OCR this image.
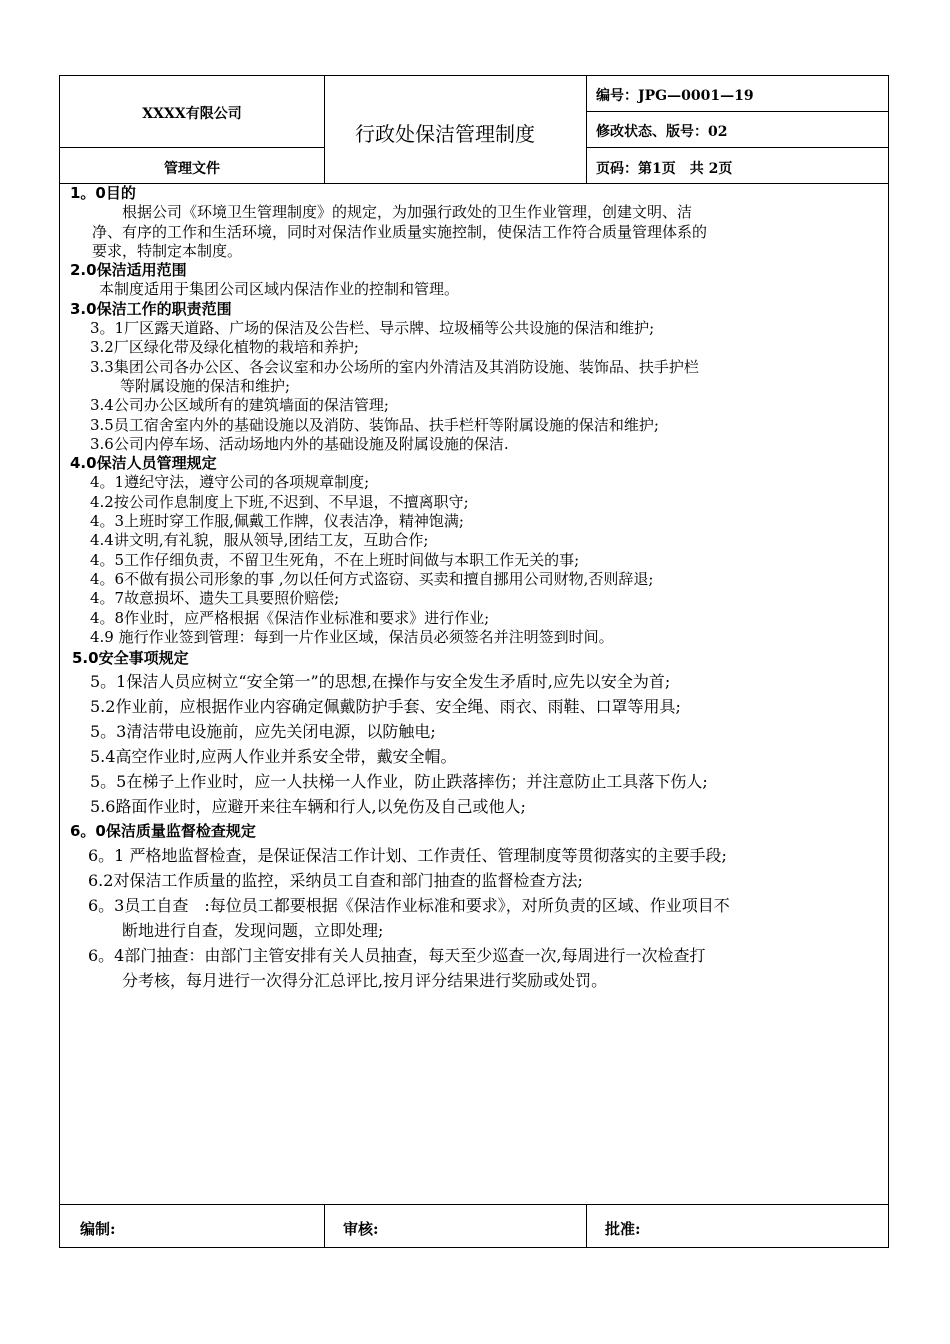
XXXX有限公司
管理文件
行政处保洁管理制度
编号：JPG—0001—19
修改状态、版号：02
页码：第1页　共 2页
1。0目的
　　根据公司《环境卫生管理制度》的规定，为加强行政处的卫生作业管理，创建文明、洁
净、有序的工作和生活环境，同时对保洁作业质量实施控制，使保洁工作符合质量管理体系的
要求，特制定本制度。
2.0保洁适用范围
　本制度适用于集团公司区域内保洁作业的控制和管理。
3.0保洁工作的职责范围
3。1厂区露天道路、广场的保洁及公告栏、导示牌、垃圾桶等公共设施的保洁和维护;
3.2厂区绿化带及绿化植物的栽培和养护;
3.3集团公司各办公区、各会议室和办公场所的室内外清洁及其消防设施、装饰品、扶手护栏
　　等附属设施的保洁和维护;
3.4公司办公区域所有的建筑墙面的保洁管理;
3.5员工宿舍室内外的基础设施以及消防、装饰品、扶手栏杆等附属设施的保洁和维护;
3.6公司内停车场、活动场地内外的基础设施及附属设施的保洁.
4.0保洁人员管理规定
4。1遵纪守法，遵守公司的各项规章制度;
4.2按公司作息制度上下班,不迟到、不早退，不擅离职守;
4。3上班时穿工作服,佩戴工作牌，仪表洁净，精神饱满;
4.4讲文明,有礼貌，服从领导,团结工友，互助合作;
4。5工作仔细负责，不留卫生死角，不在上班时间做与本职工作无关的事;
4。6不做有损公司形象的事 ,勿以任何方式盗窃、买卖和擅自挪用公司财物,否则辞退;
4。7故意损坏、遗失工具要照价赔偿;
4。8作业时，应严格根据《保洁作业标准和要求》进行作业;
4.9 施行作业签到管理：每到一片作业区域，保洁员必须签名并注明签到时间。
5.0安全事项规定
5。1保洁人员应树立“安全第一”的思想,在操作与安全发生矛盾时,应先以安全为首;
5.2作业前，应根据作业内容确定佩戴防护手套、安全绳、雨衣、雨鞋、口罩等用具;
5。3清洁带电设施前，应先关闭电源，以防触电;
5.4高空作业时,应两人作业并系安全带，戴安全帽。
5。5在梯子上作业时，应一人扶梯一人作业，防止跌落摔伤；并注意防止工具落下伤人;
5.6路面作业时，应避开来往车辆和行人,以免伤及自己或他人;
6。0保洁质量监督检查规定
6。1 严格地监督检查，是保证保洁工作计划、工作责任、管理制度等贯彻落实的主要手段;
6.2对保洁工作质量的监控，采纳员工自查和部门抽查的监督检查方法;
6。3员工自查　:每位员工都要根据《保洁作业标准和要求》，对所负责的区域、作业项目不
　断地进行自查，发现问题，立即处理;
6。4部门抽查：由部门主管安排有关人员抽查，每天至少巡查一次,每周进行一次检查打
　分考核，每月进行一次得分汇总评比,按月评分结果进行奖励或处罚。
编制:	审核:	批准:
